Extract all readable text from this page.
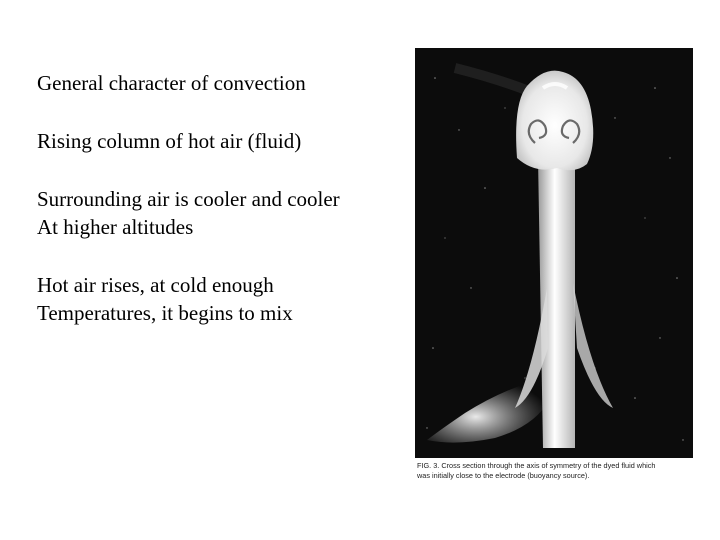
General character of convection
Rising column of hot air (fluid)
Surrounding air is cooler and cooler
At higher altitudes
Hot air rises, at cold enough
Temperatures, it begins to mix
FIG. 3. Cross section through the axis of symmetry of the dyed fluid which
was initially close to the electrode (buoyancy source).
